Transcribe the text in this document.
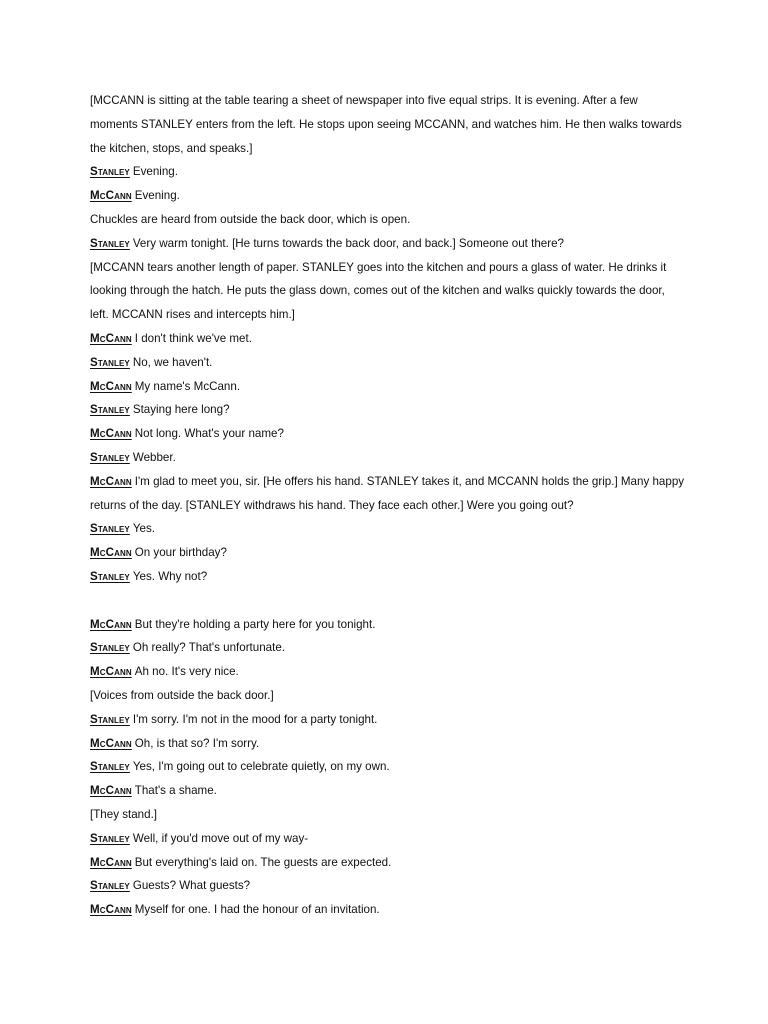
[MCCANN is sitting at the table tearing a sheet of newspaper into five equal strips. It is evening. After a few

moments STANLEY enters from the left. He stops upon seeing MCCANN, and watches him. He then walks towards

the kitchen, stops, and speaks.]

Stanley Evening.

McCann Evening.

Chuckles are heard from outside the back door, which is open.

Stanley Very warm tonight. [He turns towards the back door, and back.] Someone out there?

[MCCANN tears another length of paper. STANLEY goes into the kitchen and pours a glass of water. He drinks it

looking through the hatch. He puts the glass down, comes out of the kitchen and walks quickly towards the door,

left. MCCANN rises and intercepts him.]

McCann I don't think we've met.

Stanley No, we haven't.

McCann My name's McCann.

Stanley Staying here long?

McCann Not long. What's your name?

Stanley Webber.

McCann I'm glad to meet you, sir. [He offers his hand. STANLEY takes it, and MCCANN holds the grip.] Many happy

returns of the day. [STANLEY withdraws his hand. They face each other.] Were you going out?

Stanley Yes.

McCann On your birthday?

Stanley Yes. Why not?

McCann But they're holding a party here for you tonight.

Stanley Oh really? That's unfortunate.

McCann Ah no. It's very nice.

[Voices from outside the back door.]

Stanley I'm sorry. I'm not in the mood for a party tonight.

McCann Oh, is that so? I'm sorry.

Stanley Yes, I'm going out to celebrate quietly, on my own.

McCann That's a shame.

[They stand.]

Stanley Well, if you'd move out of my way-

McCann But everything's laid on. The guests are expected.

Stanley Guests? What guests?

McCann Myself for one. I had the honour of an invitation.
